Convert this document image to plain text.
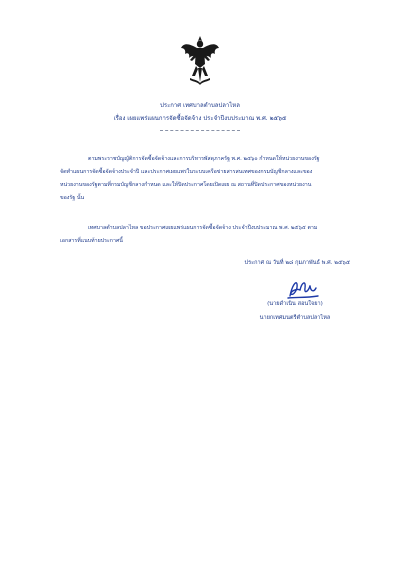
ประกาศ เทศบาลตำบลปลาไหล
เรื่อง เผยแพร่แผนการจัดซื้อจัดจ้าง ประจำปีงบประมาณ พ.ศ. ๒๕๖๕
ตามพระราชบัญญัติการจัดซื้อจัดจ้างและการบริหารพัสดุภาครัฐ พ.ศ. ๒๕๖๐ กำหนดให้หน่วยงานของรัฐ
จัดทำแผนการจัดซื้อจัดจ้างประจำปี และประกาศเผยแพร่ในระบบเครือข่ายสารสนเทศของกรมบัญชีกลางและของ
หน่วยงานของรัฐตามที่กรมบัญชีกลางกำหนด และให้ปิดประกาศโดยเปิดเผย ณ สถานที่ปิดประกาศของหน่วยงาน
ของรัฐ นั้น
เทศบาลตำบลปลาไหล ขอประกาศเผยแพร่แผนการจัดซื้อจัดจ้าง ประจำปีงบประมาณ พ.ศ. ๒๕๖๕ ตาม
เอกสารที่แนบท้ายประกาศนี้
ประกาศ ณ วันที่ ๒๘ กุมภาพันธ์ พ.ศ. ๒๕๖๕
(นายดำเนิน สอนใจยา)
นายกเทศมนตรีตำบลปลาไหล
